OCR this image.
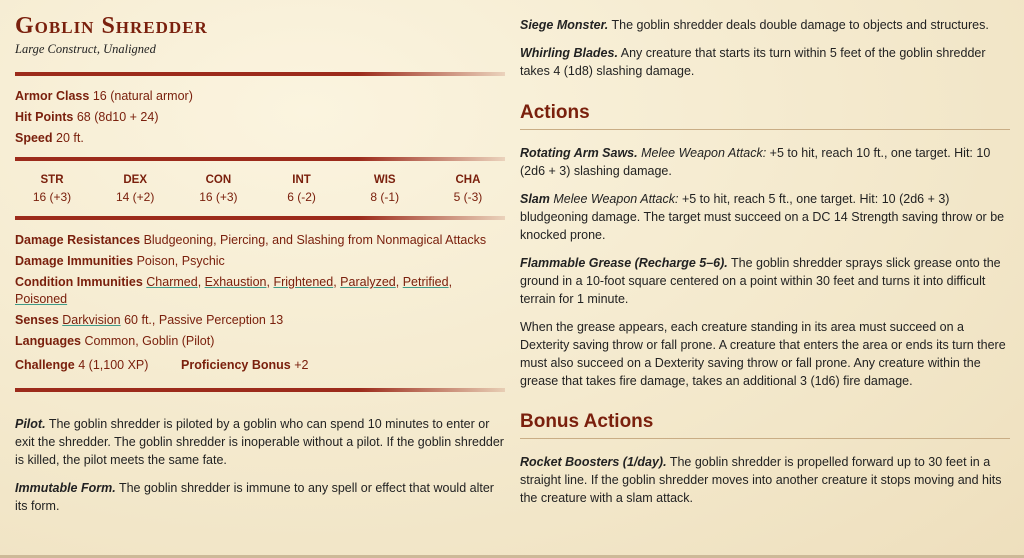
Goblin Shredder
Large Construct, Unaligned
Armor Class 16 (natural armor)
Hit Points 68 (8d10 + 24)
Speed 20 ft.
STR
16 (+3)
DEX
14 (+2)
CON
16 (+3)
INT
6 (-2)
WIS
8 (-1)
CHA
5 (-3)
Damage Resistances Bludgeoning, Piercing, and Slashing from Nonmagical Attacks
Damage Immunities Poison, Psychic
Condition Immunities Charmed, Exhaustion, Frightened, Paralyzed, Petrified, Poisoned
Senses Darkvision 60 ft., Passive Perception 13
Languages Common, Goblin (Pilot)
Challenge 4 (1,100 XP)	Proficiency Bonus +2

Pilot. The goblin shredder is piloted by a goblin who can spend 10 minutes to enter or exit the shredder. The goblin shredder is inoperable without a pilot. If the goblin shredder is killed, the pilot meets the same fate.

Immutable Form. The goblin shredder is immune to any spell or effect that would alter its form.

Siege Monster. The goblin shredder deals double damage to objects and structures.

Whirling Blades. Any creature that starts its turn within 5 feet of the goblin shredder takes 4 (1d8) slashing damage.

Actions

Rotating Arm Saws. Melee Weapon Attack: +5 to hit, reach 10 ft., one target. Hit: 10 (2d6 + 3) slashing damage.

Slam Melee Weapon Attack: +5 to hit, reach 5 ft., one target. Hit: 10 (2d6 + 3) bludgeoning damage. The target must succeed on a DC 14 Strength saving throw or be knocked prone.

Flammable Grease (Recharge 5–6). The goblin shredder sprays slick grease onto the ground in a 10-foot square centered on a point within 30 feet and turns it into difficult terrain for 1 minute.

When the grease appears, each creature standing in its area must succeed on a Dexterity saving throw or fall prone. A creature that enters the area or ends its turn there must also succeed on a Dexterity saving throw or fall prone. Any creature within the grease that takes fire damage, takes an additional 3 (1d6) fire damage.

Bonus Actions

Rocket Boosters (1/day). The goblin shredder is propelled forward up to 30 feet in a straight line. If the goblin shredder moves into another creature it stops moving and hits the creature with a slam attack.
